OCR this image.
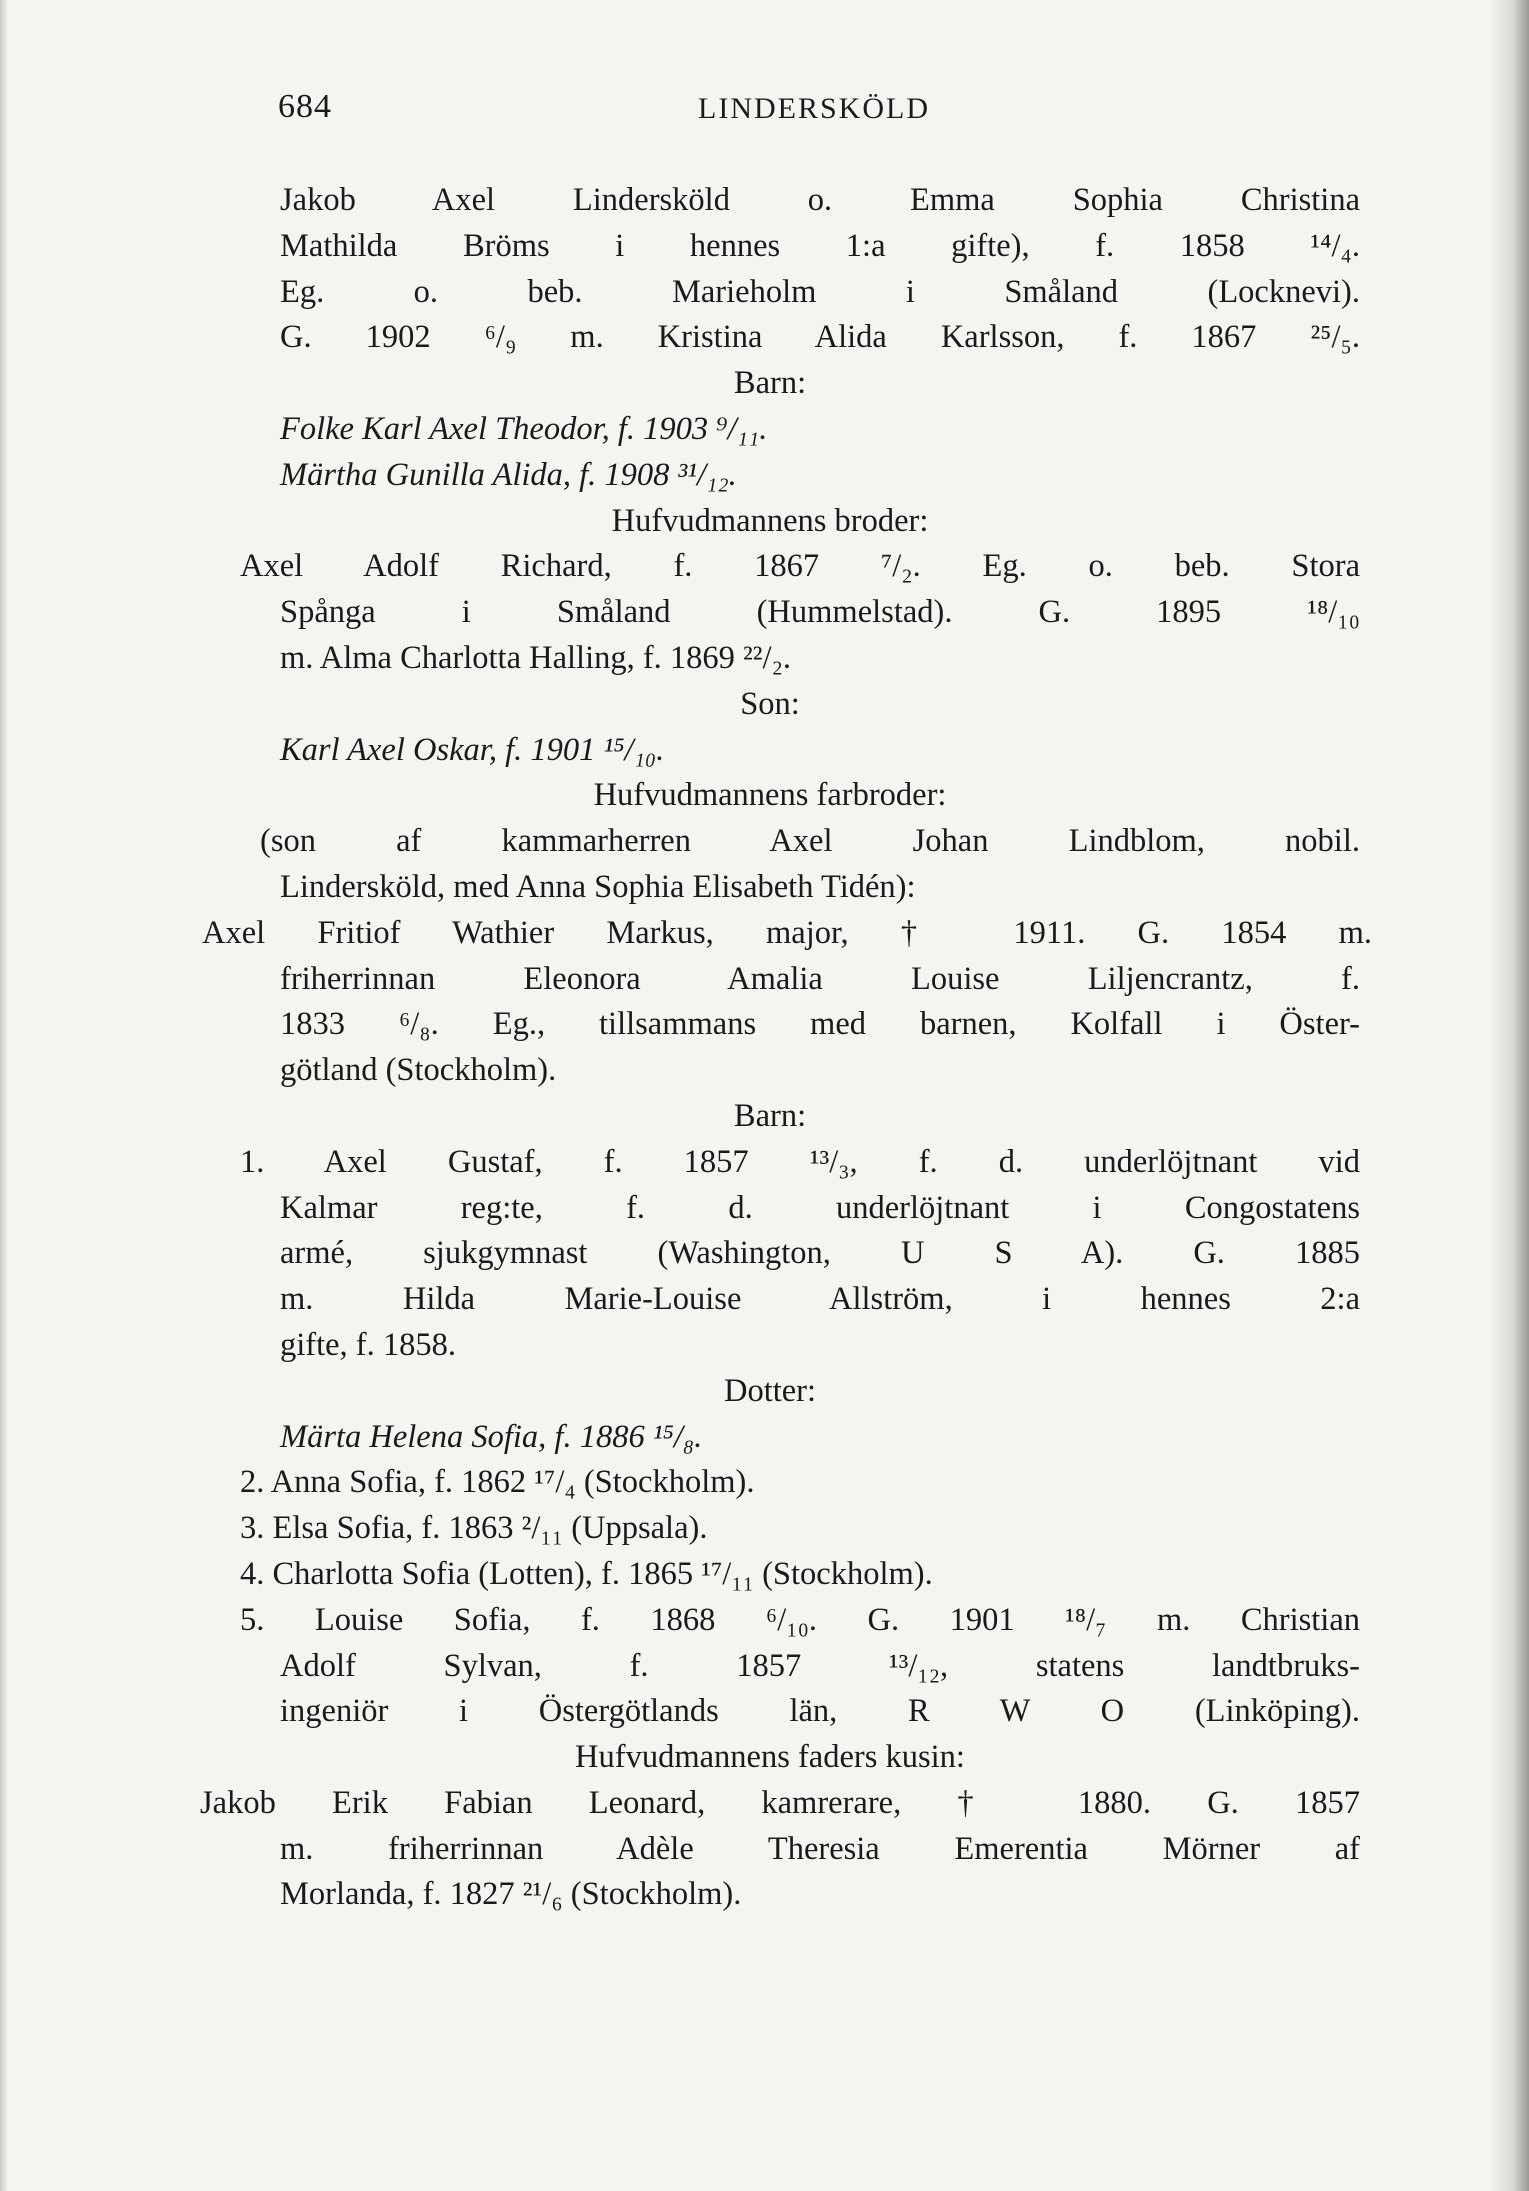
684	LINDERSKÖLD
Jakob Axel Lindersköld o. Emma Sophia Christina
Mathilda Bröms i hennes 1:a gifte), f. 1858 ¹⁴/₄.
Eg. o. beb. Marieholm i Småland (Locknevi).
G. 1902 ⁶/₉ m. Kristina Alida Karlsson, f. 1867 ²⁵/₅.
Barn:
Folke Karl Axel Theodor, f. 1903 ⁹/₁₁.
Märtha Gunilla Alida, f. 1908 ³¹/₁₂.
Hufvudmannens broder:
Axel Adolf Richard, f. 1867 ⁷/₂. Eg. o. beb. Stora
Spånga i Småland (Hummelstad). G. 1895 ¹⁸/₁₀
m. Alma Charlotta Halling, f. 1869 ²²/₂.
Son:
Karl Axel Oskar, f. 1901 ¹⁵/₁₀.
Hufvudmannens farbroder:
(son af kammarherren Axel Johan Lindblom, nobil.
Lindersköld, med Anna Sophia Elisabeth Tidén):
Axel Fritiof Wathier Markus, major, † 1911. G. 1854 m.
friherrinnan Eleonora Amalia Louise Liljencrantz, f.
1833 ⁶/₈. Eg., tillsammans med barnen, Kolfall i Öster-
götland (Stockholm).
Barn:
1. Axel Gustaf, f. 1857 ¹³/₃, f. d. underlöjtnant vid
Kalmar reg:te, f. d. underlöjtnant i Congostatens
armé, sjukgymnast (Washington, U S A). G. 1885
m. Hilda Marie-Louise Allström, i hennes 2:a
gifte, f. 1858.
Dotter:
Märta Helena Sofia, f. 1886 ¹⁵/₈.
2. Anna Sofia, f. 1862 ¹⁷/₄ (Stockholm).
3. Elsa Sofia, f. 1863 ²/₁₁ (Uppsala).
4. Charlotta Sofia (Lotten), f. 1865 ¹⁷/₁₁ (Stockholm).
5. Louise Sofia, f. 1868 ⁶/₁₀. G. 1901 ¹⁸/₇ m. Christian
Adolf Sylvan, f. 1857 ¹³/₁₂, statens landtbruks-
ingeniör i Östergötlands län, R W O (Linköping).
Hufvudmannens faders kusin:
Jakob Erik Fabian Leonard, kamrerare, † 1880. G. 1857
m. friherrinnan Adèle Theresia Emerentia Mörner af
Morlanda, f. 1827 ²¹/₆ (Stockholm).
